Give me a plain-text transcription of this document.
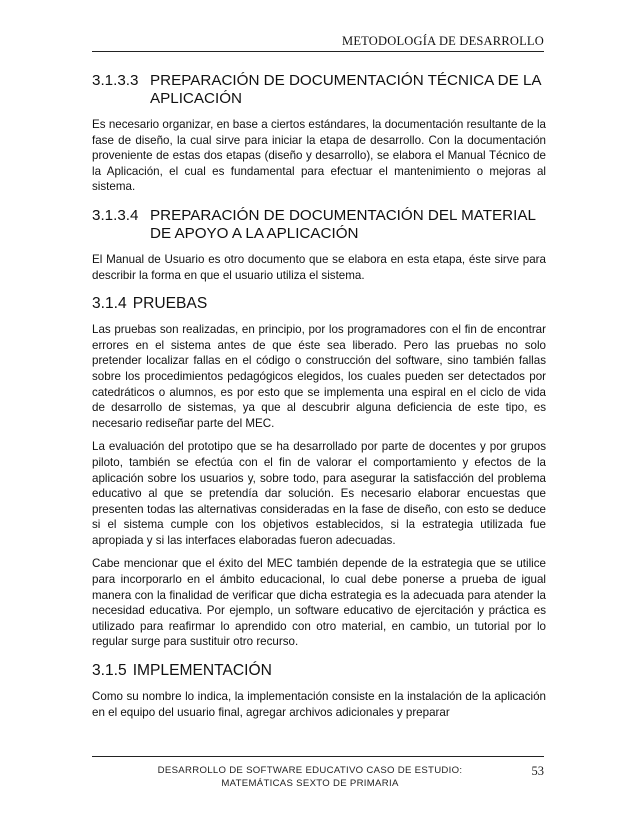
METODOLOGÍA DE DESARROLLO
3.1.3.3 PREPARACIÓN DE DOCUMENTACIÓN TÉCNICA DE LA APLICACIÓN

Es necesario organizar, en base a ciertos estándares, la documentación resultante de la fase de diseño, la cual sirve para iniciar la etapa de desarrollo. Con la documentación proveniente de estas dos etapas (diseño y desarrollo), se elabora el Manual Técnico de la Aplicación, el cual es fundamental para efectuar el mantenimiento o mejoras al sistema.

3.1.3.4 PREPARACIÓN DE DOCUMENTACIÓN DEL MATERIAL DE APOYO A LA APLICACIÓN

El Manual de Usuario es otro documento que se elabora en esta etapa, éste sirve para describir la forma en que el usuario utiliza el sistema.

3.1.4 PRUEBAS

Las pruebas son realizadas, en principio, por los programadores con el fin de encontrar errores en el sistema antes de que éste sea liberado. Pero las pruebas no solo pretender localizar fallas en el código o construcción del software, sino también fallas sobre los procedimientos pedagógicos elegidos, los cuales pueden ser detectados por catedráticos o alumnos, es por esto que se implementa una espiral en el ciclo de vida de desarrollo de sistemas, ya que al descubrir alguna deficiencia de este tipo, es necesario rediseñar parte del MEC.

La evaluación del prototipo que se ha desarrollado por parte de docentes y por grupos piloto, también se efectúa con el fin de valorar el comportamiento y efectos de la aplicación sobre los usuarios y, sobre todo, para asegurar la satisfacción del problema educativo al que se pretendía dar solución. Es necesario elaborar encuestas que presenten todas las alternativas consideradas en la fase de diseño, con esto se deduce si el sistema cumple con los objetivos establecidos, si la estrategia utilizada fue apropiada y si las interfaces elaboradas fueron adecuadas.

Cabe mencionar que el éxito del MEC también depende de la estrategia que se utilice para incorporarlo en el ámbito educacional, lo cual debe ponerse a prueba de igual manera con la finalidad de verificar que dicha estrategia es la adecuada para atender la necesidad educativa. Por ejemplo, un software educativo de ejercitación y práctica es utilizado para reafirmar lo aprendido con otro material, en cambio, un tutorial por lo regular surge para sustituir otro recurso.

3.1.5 IMPLEMENTACIÓN

Como su nombre lo indica, la implementación consiste en la instalación de la aplicación en el equipo del usuario final, agregar archivos adicionales y preparar

DESARROLLO DE SOFTWARE EDUCATIVO CASO DE ESTUDIO:
MATEMÁTICAS SEXTO DE PRIMARIA
53
